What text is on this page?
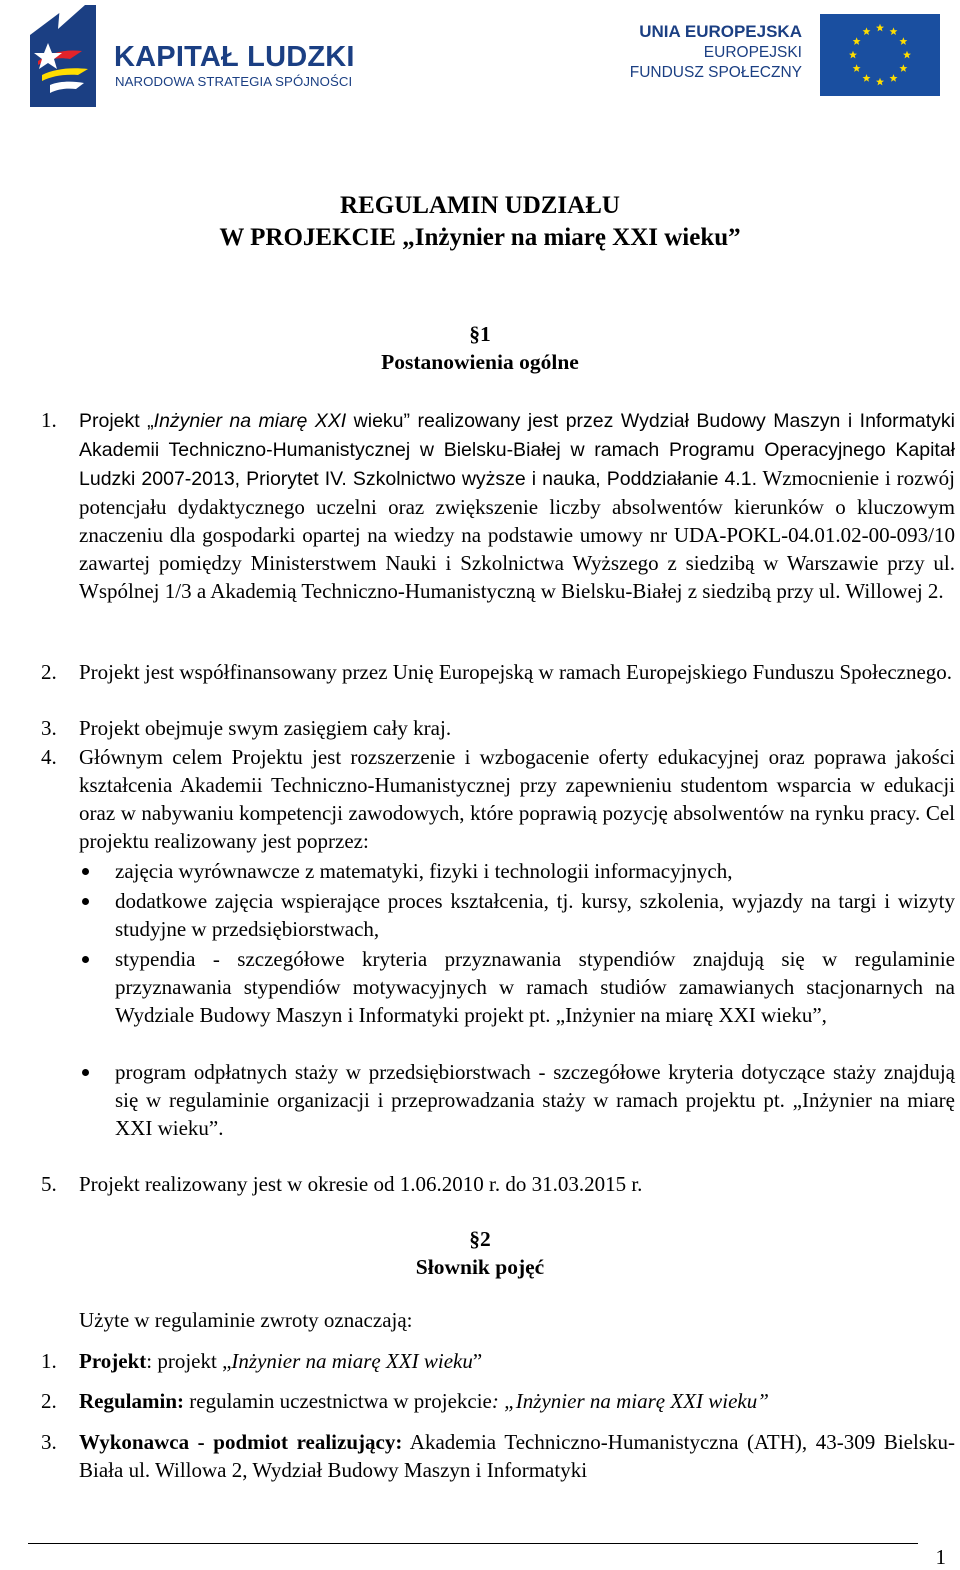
KAPITAŁ LUDZKI
NARODOWA STRATEGIA SPÓJNOŚCI
UNIA EUROPEJSKA
EUROPEJSKI
FUNDUSZ SPOŁECZNY
REGULAMIN UDZIAŁU
W PROJEKCIE „Inżynier na miarę XXI wieku”
§1
Postanowienia ogólne
1. Projekt „Inżynier na miarę XXI wieku” realizowany jest przez Wydział Budowy Maszyn i Informatyki Akademii Techniczno-Humanistycznej w Bielsku-Białej w ramach Programu Operacyjnego Kapitał Ludzki 2007-2013, Priorytet IV. Szkolnictwo wyższe i nauka, Poddziałanie 4.1. Wzmocnienie i rozwój potencjału dydaktycznego uczelni oraz zwiększenie liczby absolwentów kierunków o kluczowym znaczeniu dla gospodarki opartej na wiedzy na podstawie umowy nr UDA-POKL-04.01.02-00-093/10 zawartej pomiędzy Ministerstwem Nauki i Szkolnictwa Wyższego z siedzibą w Warszawie przy ul. Wspólnej 1/3 a Akademią Techniczno-Humanistyczną w Bielsku-Białej z siedzibą przy ul. Willowej 2.
2. Projekt jest współfinansowany przez Unię Europejską w ramach Europejskiego Funduszu Społecznego.
3. Projekt obejmuje swym zasięgiem cały kraj.
4. Głównym celem Projektu jest rozszerzenie i wzbogacenie oferty edukacyjnej oraz poprawa jakości kształcenia Akademii Techniczno-Humanistycznej przy zapewnieniu studentom wsparcia w edukacji oraz w nabywaniu kompetencji zawodowych, które poprawią pozycję absolwentów na rynku pracy. Cel projektu realizowany jest poprzez:
zajęcia wyrównawcze z matematyki, fizyki i technologii informacyjnych,
dodatkowe zajęcia wspierające proces kształcenia, tj. kursy, szkolenia, wyjazdy na targi i wizyty studyjne w przedsiębiorstwach,
stypendia - szczegółowe kryteria przyznawania stypendiów znajdują się w regulaminie przyznawania stypendiów motywacyjnych w ramach studiów zamawianych stacjonarnych na Wydziale Budowy Maszyn i Informatyki projekt pt. „Inżynier na miarę XXI wieku”,
program odpłatnych staży w przedsiębiorstwach - szczegółowe kryteria dotyczące staży znajdują się w regulaminie organizacji i przeprowadzania staży w ramach projektu pt. „Inżynier na miarę XXI wieku”.
5. Projekt realizowany jest w okresie od 1.06.2010 r. do 31.03.2015 r.
§2
Słownik pojęć
Użyte w regulaminie zwroty oznaczają:
1. Projekt: projekt „Inżynier na miarę XXI wieku”
2. Regulamin: regulamin uczestnictwa w projekcie: „Inżynier na miarę XXI wieku”
3. Wykonawca - podmiot realizujący: Akademia Techniczno-Humanistyczna (ATH), 43-309 Bielsku-Biała ul. Willowa 2, Wydział Budowy Maszyn i Informatyki
1
